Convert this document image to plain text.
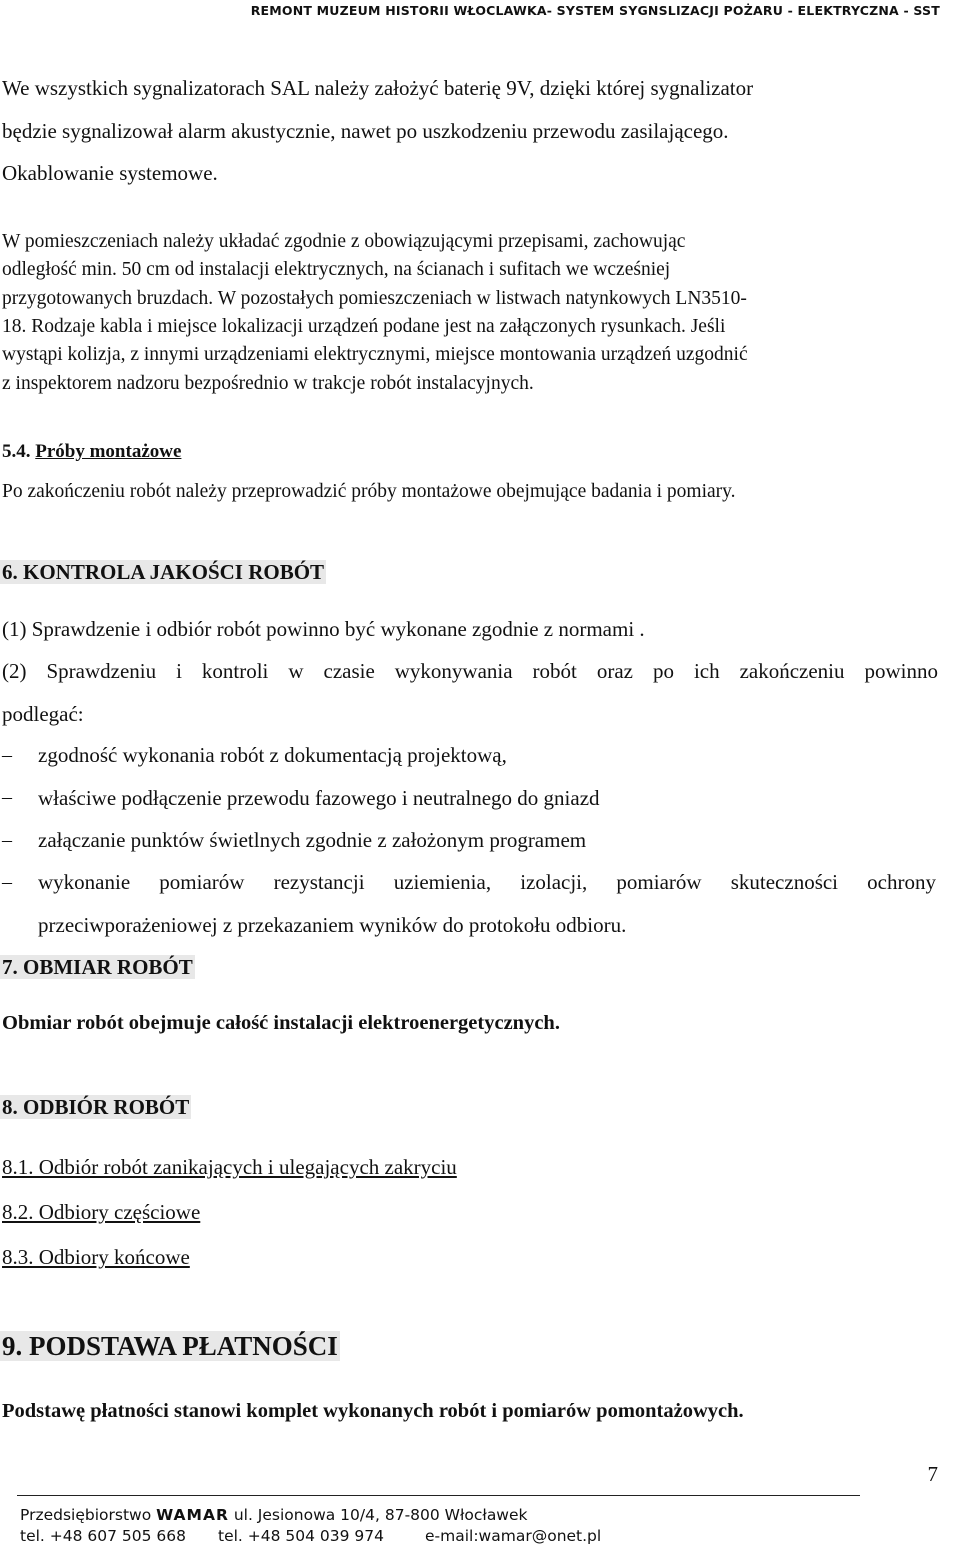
REMONT MUZEUM HISTORII WŁOCLAWKA- SYSTEM SYGNSLIZACJI POŻARU - ELEKTRYCZNA - SST
We wszystkich sygnalizatorach SAL należy założyć baterię 9V, dzięki której sygnalizator
będzie sygnalizował alarm akustycznie, nawet po uszkodzeniu przewodu zasilającego.
Okablowanie systemowe.
W pomieszczeniach należy układać zgodnie z obowiązującymi przepisami, zachowując
odległość min. 50 cm od instalacji elektrycznych, na ścianach i sufitach we wcześniej
przygotowanych bruzdach. W pozostałych pomieszczeniach w listwach natynkowych LN3510-
18. Rodzaje kabla i miejsce lokalizacji urządzeń podane jest na załączonych rysunkach. Jeśli
wystąpi kolizja, z innymi urządzeniami elektrycznymi, miejsce montowania urządzeń uzgodnić
z inspektorem nadzoru bezpośrednio w trakcje robót instalacyjnych.
5.4. Próby montażowe
Po zakończeniu robót należy przeprowadzić próby montażowe obejmujące badania i pomiary.
6. KONTROLA JAKOŚCI ROBÓT
(1) Sprawdzenie i odbiór robót powinno być wykonane zgodnie z normami .
(2) Sprawdzeniu i kontroli w czasie wykonywania robót oraz po ich zakończeniu powinno
podlegać:
– zgodność wykonania robót z dokumentacją projektową,
– właściwe podłączenie przewodu fazowego i neutralnego do gniazd
– załączanie punktów świetlnych zgodnie z założonym programem
– wykonanie pomiarów rezystancji uziemienia, izolacji, pomiarów skuteczności ochrony
przeciwporażeniowej z przekazaniem wyników do protokołu odbioru.
7. OBMIAR ROBÓT
Obmiar robót obejmuje całość instalacji elektroenergetycznych.
8. ODBIÓR ROBÓT
8.1. Odbiór robót zanikających i ulegających zakryciu
8.2. Odbiory częściowe
8.3. Odbiory końcowe
9. PODSTAWA PŁATNOŚCI
Podstawę płatności stanowi komplet wykonanych robót i pomiarów pomontażowych.
7
Przedsiębiorstwo WAMAR ul. Jesionowa 10/4, 87-800 Włocławek
tel. +48 607 505 668 tel. +48 504 039 974	e-mail:wamar@onet.pl
